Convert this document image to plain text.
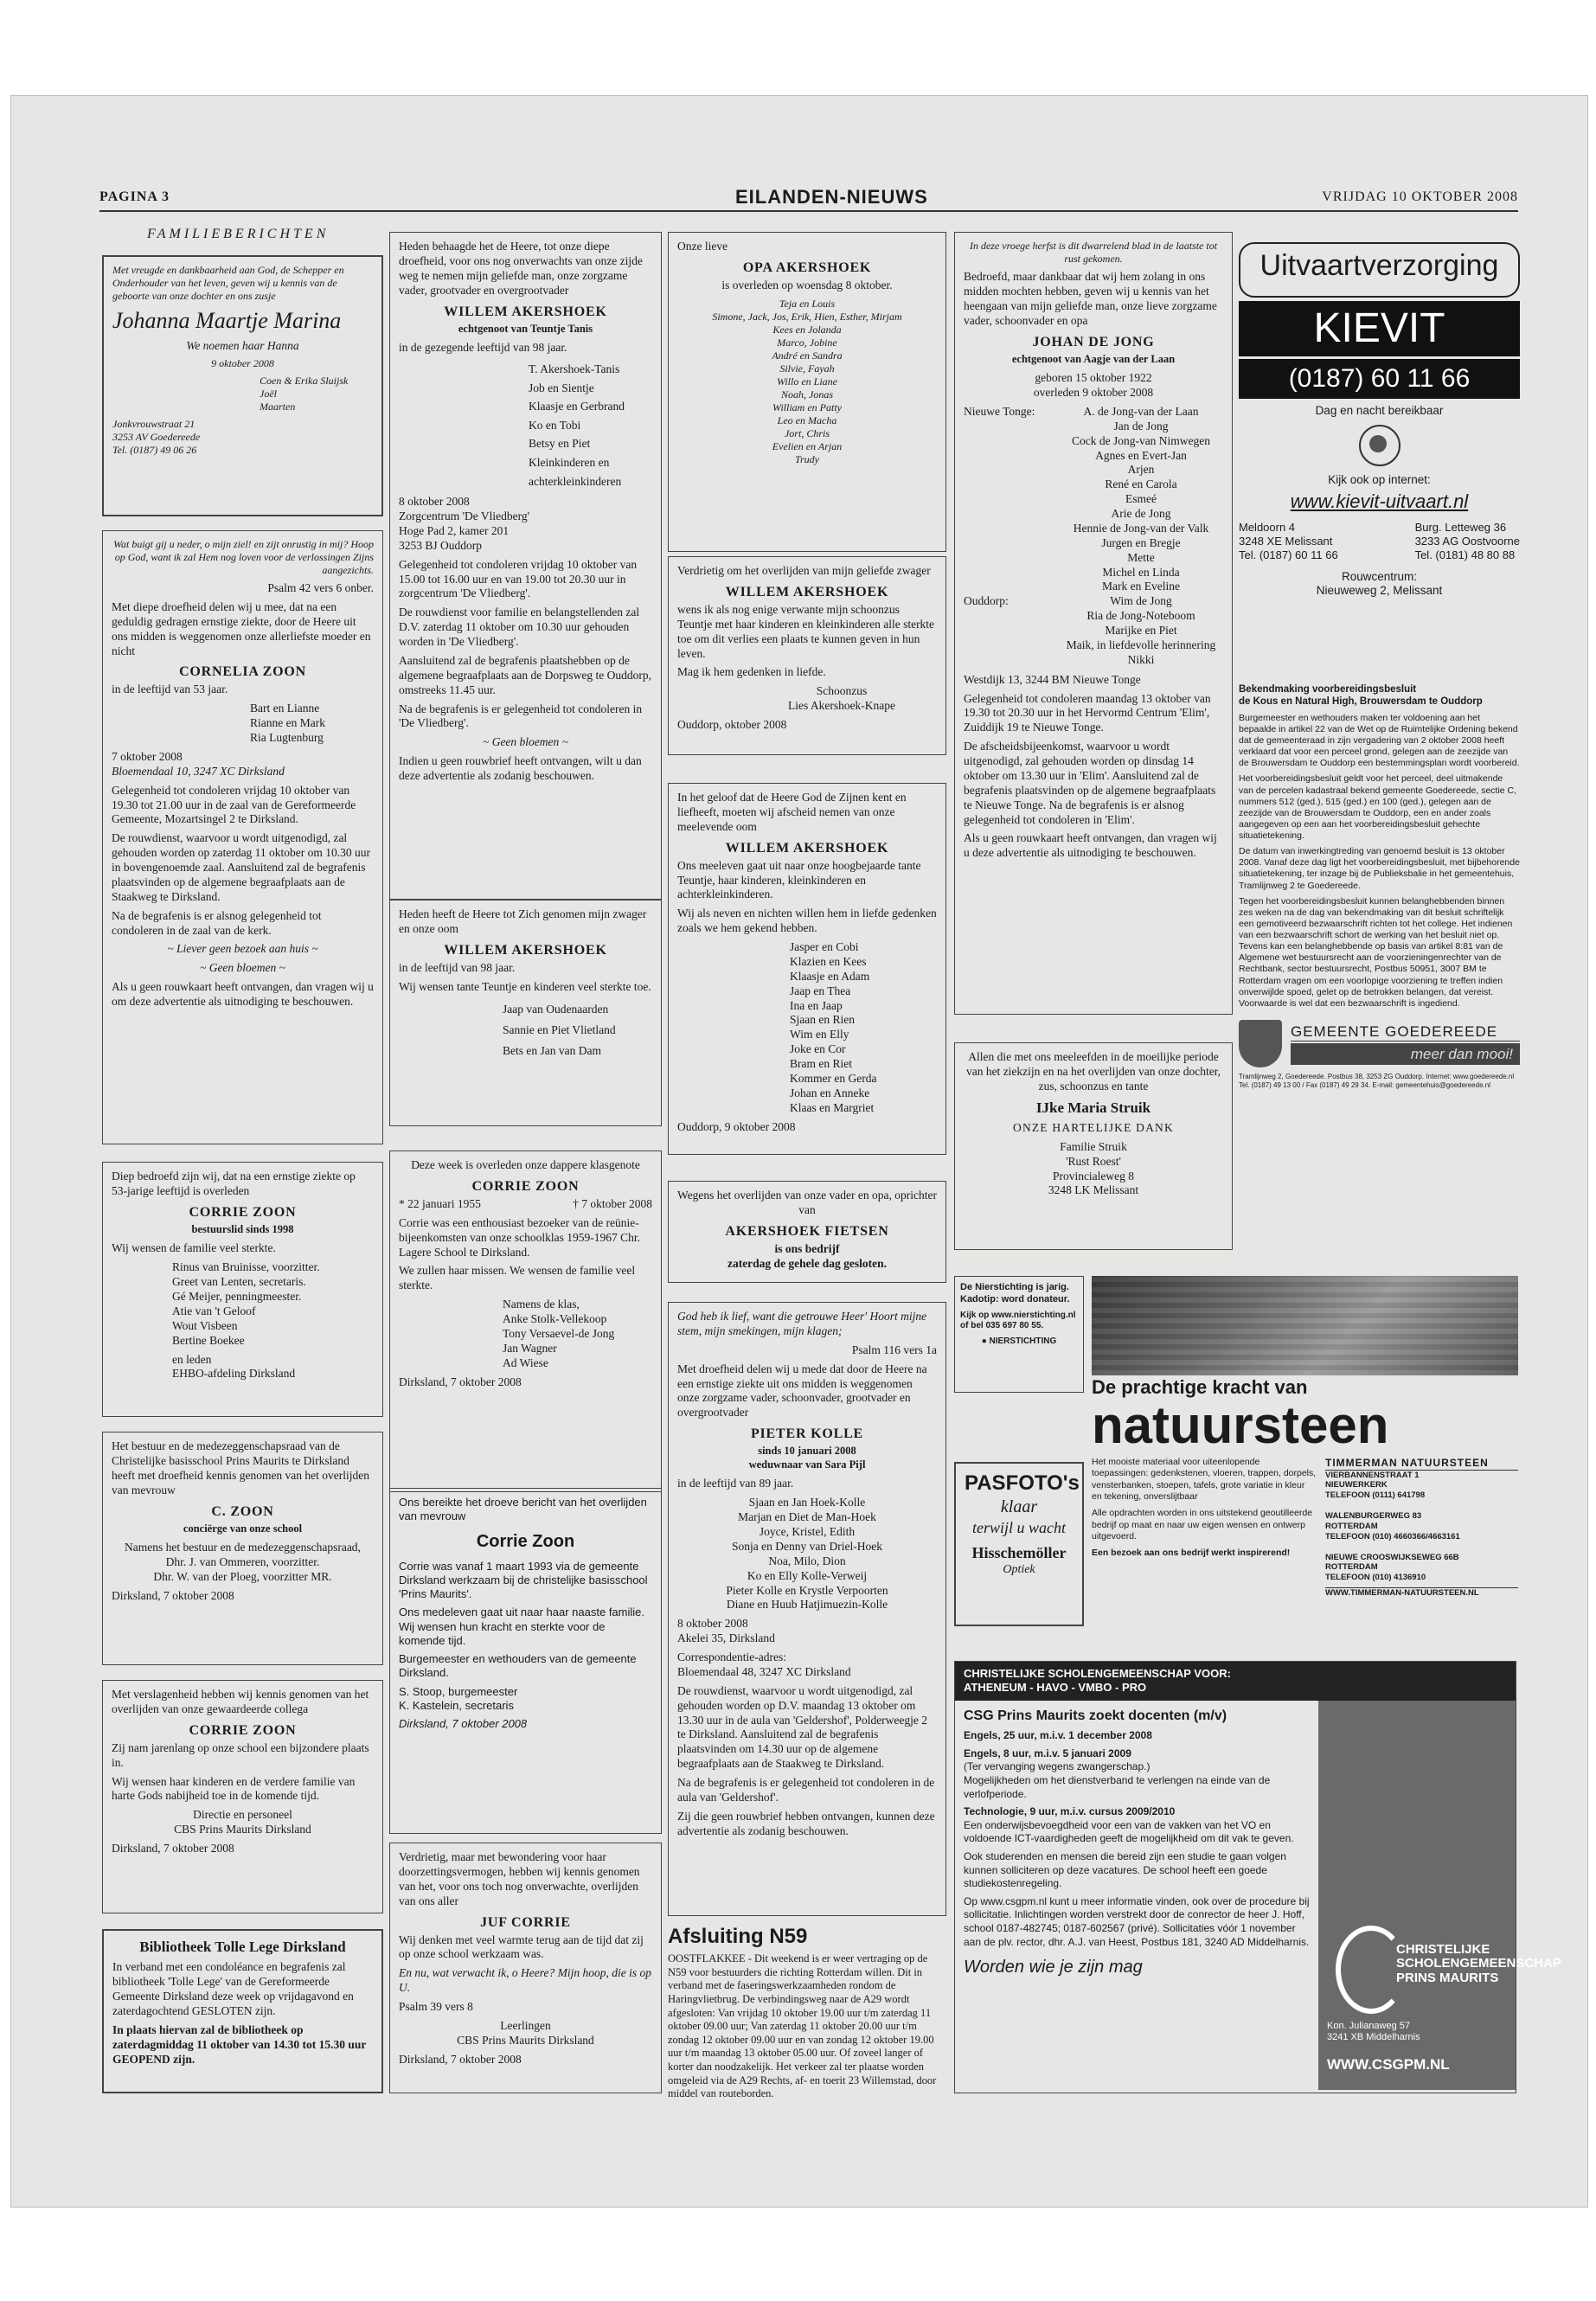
PAGINA 3	EILANDEN-NIEUWS	VRIJDAG 10 OKTOBER 2008
FAMILIEBERICHTEN

Met vreugde en dankbaarheid aan God, de Schepper en Onderhouder van het leven, geven wij u kennis van de geboorte van onze dochter en ons zusje

Johanna Maartje Marina

We noemen haar Hanna

9 oktober 2008

Coen & Erika Sluijsk
Joël
Maarten

Jonkvrouwstraat 21
3253 AV Goedereede
Tel. (0187) 49 06 26

Wat buigt gij u neder, o mijn ziel! en zijt onrustig in mij? Hoop op God, want ik zal Hem nog loven voor de verlossingen Zijns aangezichts.

Psalm 42 vers 6 onber.

Met diepe droefheid delen wij u mee, dat na een geduldig gedragen ernstige ziekte, door de Heere uit ons midden is weggenomen onze allerliefste moeder en nicht

CORNELIA ZOON

in de leeftijd van 53 jaar.

Bart en Lianne
Rianne en Mark
Ria Lugtenburg

7 oktober 2008

Bloemendaal 10, 3247 XC Dirksland

Gelegenheid tot condoleren vrijdag 10 oktober van 19.30 tot 21.00 uur in de zaal van de Gereformeerde Gemeente, Mozartsingel 2 te Dirksland.

De rouwdienst, waarvoor u wordt uitgenodigd, zal gehouden worden op zaterdag 11 oktober om 10.30 uur in bovengenoemde zaal. Aansluitend zal de begrafenis plaatsvinden op de algemene begraafplaats aan de Staakweg te Dirksland.

Na de begrafenis is er alsnog gelegenheid tot condoleren in de zaal van de kerk.

~ Liever geen bezoek aan huis ~

~ Geen bloemen ~

Als u geen rouwkaart heeft ontvangen, dan vragen wij u om deze advertentie als uitnodiging te beschouwen.

Diep bedroefd zijn wij, dat na een ernstige ziekte op 53-jarige leeftijd is overleden

CORRIE ZOON
bestuurslid sinds 1998

Wij wensen de familie veel sterkte.

Rinus van Bruinisse, voorzitter.
Greet van Lenten, secretaris.
Gé Meijer, penningmeester.
Atie van 't Geloof
Wout Visbeen
Bertine Boekee

en leden
EHBO-afdeling Dirksland

Het bestuur en de medezeggenschapsraad van de Christelijke basisschool Prins Maurits te Dirksland heeft met droefheid kennis genomen van het overlijden van mevrouw

C. ZOON
conciërge van onze school

Namens het bestuur en de medezeggenschapsraad,
Dhr. J. van Ommeren, voorzitter.
Dhr. W. van der Ploeg, voorzitter MR.

Dirksland, 7 oktober 2008

Met verslagenheid hebben wij kennis genomen van het overlijden van onze gewaardeerde collega

CORRIE ZOON

Zij nam jarenlang op onze school een bijzondere plaats in.

Wij wensen haar kinderen en de verdere familie van harte Gods nabijheid toe in de komende tijd.

Directie en personeel
CBS Prins Maurits Dirksland

Dirksland, 7 oktober 2008

Bibliotheek Tolle Lege Dirksland

In verband met een condoléance en begrafenis zal bibliotheek 'Tolle Lege' van de Gereformeerde Gemeente Dirksland deze week op vrijdagavond en zaterdagochtend GESLOTEN zijn.

In plaats hiervan zal de bibliotheek op zaterdagmiddag 11 oktober van 14.30 tot 15.30 uur GEOPEND zijn.

Heden behaagde het de Heere, tot onze diepe droefheid, voor ons nog onverwachts van onze zijde weg te nemen mijn geliefde man, onze zorgzame vader, grootvader en overgrootvader

WILLEM AKERSHOEK
echtgenoot van Teuntje Tanis

in de gezegende leeftijd van 98 jaar.

T. Akershoek-Tanis
Job en Sientje
Klaasje en Gerbrand
Ko en Tobi
Betsy en Piet
Kleinkinderen en
achterkleinkinderen

8 oktober 2008

Zorgcentrum 'De Vliedberg'
Hoge Pad 2, kamer 201
3253 BJ Ouddorp

Gelegenheid tot condoleren vrijdag 10 oktober van 15.00 tot 16.00 uur en van 19.00 tot 20.30 uur in zorgcentrum 'De Vliedberg'.

De rouwdienst voor familie en belangstellenden zal D.V. zaterdag 11 oktober om 10.30 uur gehouden worden in 'De Vliedberg'.

Aansluitend zal de begrafenis plaatshebben op de algemene begraafplaats aan de Dorpsweg te Ouddorp, omstreeks 11.45 uur.

Na de begrafenis is er gelegenheid tot condoleren in 'De Vliedberg'.

~ Geen bloemen ~

Indien u geen rouwbrief heeft ontvangen, wilt u dan deze advertentie als zodanig beschouwen.

Heden heeft de Heere tot Zich genomen mijn zwager en onze oom

WILLEM AKERSHOEK

in de leeftijd van 98 jaar.

Wij wensen tante Teuntje en kinderen veel sterkte toe.

Jaap van Oudenaarden
Sannie en Piet Vlietland
Bets en Jan van Dam

Deze week is overleden onze dappere klasgenote

CORRIE ZOON

* 22 januari 1955	† 7 oktober 2008

Corrie was een enthousiast bezoeker van de reünie-bijeenkomsten van onze schoolklas 1959-1967 Chr. Lagere School te Dirksland.

We zullen haar missen. We wensen de familie veel sterkte.

Namens de klas,
Anke Stolk-Vellekoop
Tony Versaevel-de Jong
Jan Wagner
Ad Wiese

Dirksland, 7 oktober 2008

Ons bereikte het droeve bericht van het overlijden van mevrouw

Corrie Zoon

Corrie was vanaf 1 maart 1993 via de gemeente Dirksland werkzaam bij de christelijke basisschool 'Prins Maurits'.

Ons medeleven gaat uit naar haar naaste familie. Wij wensen hun kracht en sterkte voor de komende tijd.

Burgemeester en wethouders van de gemeente Dirksland.

S. Stoop, burgemeester
K. Kastelein, secretaris

Dirksland, 7 oktober 2008

Verdrietig, maar met bewondering voor haar doorzettingsvermogen, hebben wij kennis genomen van het, voor ons toch nog onverwachte, overlijden van ons aller

JUF CORRIE

Wij denken met veel warmte terug aan de tijd dat zij op onze school werkzaam was.

En nu, wat verwacht ik, o Heere? Mijn hoop, die is op U.

Psalm 39 vers 8

Leerlingen
CBS Prins Maurits Dirksland

Dirksland, 7 oktober 2008

Onze lieve

OPA AKERSHOEK

is overleden op woensdag 8 oktober.

Teja en Louis
Simone, Jack, Jos, Erik, Hien, Esther, Mirjam
Kees en Jolanda
Marco, Jobine
André en Sandra
Silvie, Fayah
Willo en Liane
Noah, Jonas
William en Patty
Leo en Macha
Jort, Chris
Evelien en Arjan
Trudy

Verdrietig om het overlijden van mijn geliefde zwager

WILLEM AKERSHOEK

wens ik als nog enige verwante mijn schoonzus Teuntje met haar kinderen en kleinkinderen alle sterkte toe om dit verlies een plaats te kunnen geven in hun leven.

Mag ik hem gedenken in liefde.

Schoonzus
Lies Akershoek-Knape

Ouddorp, oktober 2008

In het geloof dat de Heere God de Zijnen kent en liefheeft, moeten wij afscheid nemen van onze meelevende oom

WILLEM AKERSHOEK

Ons meeleven gaat uit naar onze hoogbejaarde tante Teuntje, haar kinderen, kleinkinderen en achterkleinkinderen.

Wij als neven en nichten willen hem in liefde gedenken zoals we hem gekend hebben.

Jasper en Cobi
Klazien en Kees
Klaasje en Adam
Jaap en Thea
Ina en Jaap
Sjaan en Rien
Wim en Elly
Joke en Cor
Bram en Riet
Kommer en Gerda
Johan en Anneke
Klaas en Margriet

Ouddorp, 9 oktober 2008

Wegens het overlijden van onze vader en opa, oprichter van

AKERSHOEK FIETSEN

is ons bedrijf
zaterdag de gehele dag gesloten.

God heb ik lief, want die getrouwe Heer' Hoort mijne stem, mijn smekingen, mijn klagen;

Psalm 116 vers 1a

Met droefheid delen wij u mede dat door de Heere na een ernstige ziekte uit ons midden is weggenomen onze zorgzame vader, schoonvader, grootvader en overgrootvader

PIETER KOLLE
sinds 10 januari 2008
weduwnaar van Sara Pijl

in de leeftijd van 89 jaar.

Sjaan en Jan Hoek-Kolle
Marjan en Diet de Man-Hoek
Joyce, Kristel, Edith
Sonja en Denny van Driel-Hoek
Noa, Milo, Dion
Ko en Elly Kolle-Verweij
Pieter Kolle en Krystle Verpoorten
Diane en Huub Hatjimuezin-Kolle

8 oktober 2008

Akelei 35, Dirksland

Correspondentie-adres:
Bloemendaal 48, 3247 XC Dirksland

De rouwdienst, waarvoor u wordt uitgenodigd, zal gehouden worden op D.V. maandag 13 oktober om 13.30 uur in de aula van 'Geldershof', Polderweegje 2 te Dirksland. Aansluitend zal de begrafenis plaatsvinden om 14.30 uur op de algemene begraafplaats aan de Staakweg te Dirksland.

Na de begrafenis is er gelegenheid tot condoleren in de aula van 'Geldershof'.

Zij die geen rouwbrief hebben ontvangen, kunnen deze advertentie als zodanig beschouwen.

Afsluiting N59

OOSTFLAKKEE - Dit weekend is er weer vertraging op de N59 voor bestuurders die richting Rotterdam willen. Dit in verband met de faseringswerkzaamheden rondom de Haringvlietbrug. De verbindingsweg naar de A29 wordt afgesloten: Van vrijdag 10 oktober 19.00 uur t/m zaterdag 11 oktober 09.00 uur; Van zaterdag 11 oktober 20.00 uur t/m zondag 12 oktober 09.00 uur en van zondag 12 oktober 19.00 uur t/m maandag 13 oktober 05.00 uur. Of zoveel langer of korter dan noodzakelijk. Het verkeer zal ter plaatse worden omgeleid via de A29 Rechts, af- en toerit 23 Willemstad, door middel van routeborden.

In deze vroege herfst is dit dwarrelend blad in de laatste tot rust gekomen.

Bedroefd, maar dankbaar dat wij hem zolang in ons midden mochten hebben, geven wij u kennis van het heengaan van mijn geliefde man, onze lieve zorgzame vader, schoonvader en opa

JOHAN DE JONG
echtgenoot van Aagje van der Laan

geboren 15 oktober 1922

overleden 9 oktober 2008

Nieuwe Tonge:	A. de Jong-van der Laan
Jan de Jong
Cock de Jong-van Nimwegen
Agnes en Evert-Jan
Arjen
René en Carola
Esmeé
Arie de Jong
Hennie de Jong-van der Valk
Jurgen en Bregje
Mette
Michel en Linda
Mark en Eveline
Ouddorp:	Wim de Jong
Ria de Jong-Noteboom
Marijke en Piet
Maik, in liefdevolle herinnering
Nikki

Westdijk 13, 3244 BM Nieuwe Tonge

Gelegenheid tot condoleren maandag 13 oktober van 19.30 tot 20.30 uur in het Hervormd Centrum 'Elim', Zuiddijk 19 te Nieuwe Tonge.

De afscheidsbijeenkomst, waarvoor u wordt uitgenodigd, zal gehouden worden op dinsdag 14 oktober om 13.30 uur in 'Elim'. Aansluitend zal de begrafenis plaatsvinden op de algemene begraafplaats te Nieuwe Tonge. Na de begrafenis is er alsnog gelegenheid tot condoleren in 'Elim'.

Als u geen rouwkaart heeft ontvangen, dan vragen wij u deze advertentie als uitnodiging te beschouwen.

Allen die met ons meeleefden in de moeilijke periode van het ziekzijn en na het overlijden van onze dochter, zus, schoonzus en tante

IJke Maria Struik

ONZE HARTELIJKE DANK

Familie Struik
'Rust Roest'
Provincialeweg 8
3248 LK Melissant

Uitvaartverzorging
KIEVIT
(0187) 60 11 66

Dag en nacht bereikbaar

Kijk ook op internet:

www.kievit-uitvaart.nl

Meldoorn 4
3248 XE Melissant
Tel. (0187) 60 11 66
Burg. Letteweg 36
3233 AG Oostvoorne
Tel. (0181) 48 80 88

Rouwcentrum:

Nieuweweg 2, Melissant

Bekendmaking voorbereidingsbesluit

de Kous en Natural High, Brouwersdam te Ouddorp

Burgemeester en wethouders maken ter voldoening aan het bepaalde in artikel 22 van de Wet op de Ruimtelijke Ordening bekend dat de gemeenteraad in zijn vergadering van 2 oktober 2008 heeft verklaard dat voor een perceel grond, gelegen aan de zeezijde van de Brouwersdam te Ouddorp een bestemmingsplan wordt voorbereid.

Het voorbereidingsbesluit geldt voor het perceel, deel uitmakende van de percelen kadastraal bekend gemeente Goedereede, sectie C, nummers 512 (ged.), 515 (ged.) en 100 (ged.), gelegen aan de zeezijde van de Brouwersdam te Ouddorp, een en ander zoals aangegeven op een aan het voorbereidingsbesluit gehechte situatietekening.

De datum van inwerkingtreding van genoemd besluit is 13 oktober 2008. Vanaf deze dag ligt het voorbereidingsbesluit, met bijbehorende situatietekening, ter inzage bij de Publieksbalie in het gemeentehuis, Tramlijnweg 2 te Goedereede.

Tegen het voorbereidingsbesluit kunnen belanghebbenden binnen zes weken na de dag van bekendmaking van dit besluit schriftelijk een gemotiveerd bezwaarschrift richten tot het college. Het indienen van een bezwaarschrift schort de werking van het besluit niet op. Tevens kan een belanghebbende op basis van artikel 8:81 van de Algemene wet bestuursrecht aan de voorzieningenrechter van de Rechtbank, sector bestuursrecht, Postbus 50951, 3007 BM te Rotterdam vragen om een voorlopige voorziening te treffen indien onverwijlde spoed, gelet op de betrokken belangen, dat vereist. Voorwaarde is wel dat een bezwaarschrift is ingediend.

GEMEENTE GOEDEREEDE
meer dan mooi!

Tramlijnweg 2, Goedereede. Postbus 38, 3253 ZG Ouddorp. Internet: www.goedereede.nl
Tel. (0187) 49 13 00 / Fax (0187) 49 29 34. E-mail: gemeentehuis@goedereede.nl

De Nierstichting is jarig. Kadotip: word donateur.

Kijk op www.nierstichting.nl of bel 035 697 80 55.

● NIERSTICHTING

De prachtige kracht van
natuursteen

Het mooiste materiaal voor uiteenlopende toepassingen: gedenkstenen, vloeren, trappen, dorpels, vensterbanken, stoepen, tafels, grote variatie in kleur en tekening, onverslijtbaar

Alle opdrachten worden in ons uitstekend geoutilleerde bedrijf op maat en naar uw eigen wensen en ontwerp uitgevoerd.

Een bezoek aan ons bedrijf werkt inspirerend!

TIMMERMAN NATUURSTEEN

VIERBANNENSTRAAT 1
NIEUWERKERK
TELEFOON (0111) 641798

WALENBURGERWEG 83
ROTTERDAM
TELEFOON (010) 4660366/4663161

NIEUWE CROOSWIJKSEWEG 66B
ROTTERDAM
TELEFOON (010) 4136910

WWW.TIMMERMAN-NATUURSTEEN.NL

PASFOTO's
klaar
terwijl u wacht
Hisschemöller
Optiek
CHRISTELIJKE SCHOLENGEMEENSCHAP VOOR:
ATHENEUM - HAVO - VMBO - PRO

CSG Prins Maurits zoekt docenten (m/v)

Engels, 25 uur, m.i.v. 1 december 2008

Engels, 8 uur, m.i.v. 5 januari 2009

(Ter vervanging wegens zwangerschap.)

Mogelijkheden om het dienstverband te verlengen na einde van de verlofperiode.

Technologie, 9 uur, m.i.v. cursus 2009/2010

Een onderwijsbevoegdheid voor een van de vakken van het VO en voldoende ICT-vaardigheden geeft de mogelijkheid om dit vak te geven.

Ook studerenden en mensen die bereid zijn een studie te gaan volgen kunnen solliciteren op deze vacatures. De school heeft een goede studiekostenregeling.

Op www.csgpm.nl kunt u meer informatie vinden, ook over de procedure bij sollicitatie. Inlichtingen worden verstrekt door de conrector de heer J. Hoff, school 0187-482745; 0187-602567 (privé). Sollicitaties vóór 1 november aan de plv. rector, dhr. A.J. van Heest, Postbus 181, 3240 AD Middelharnis.

Worden wie je zijn mag

CHRISTELIJKE SCHOLENGEMEENSCHAP PRINS MAURITS
Kon. Julianaweg 57
3241 XB Middelharnis
WWW.CSGPM.NL
